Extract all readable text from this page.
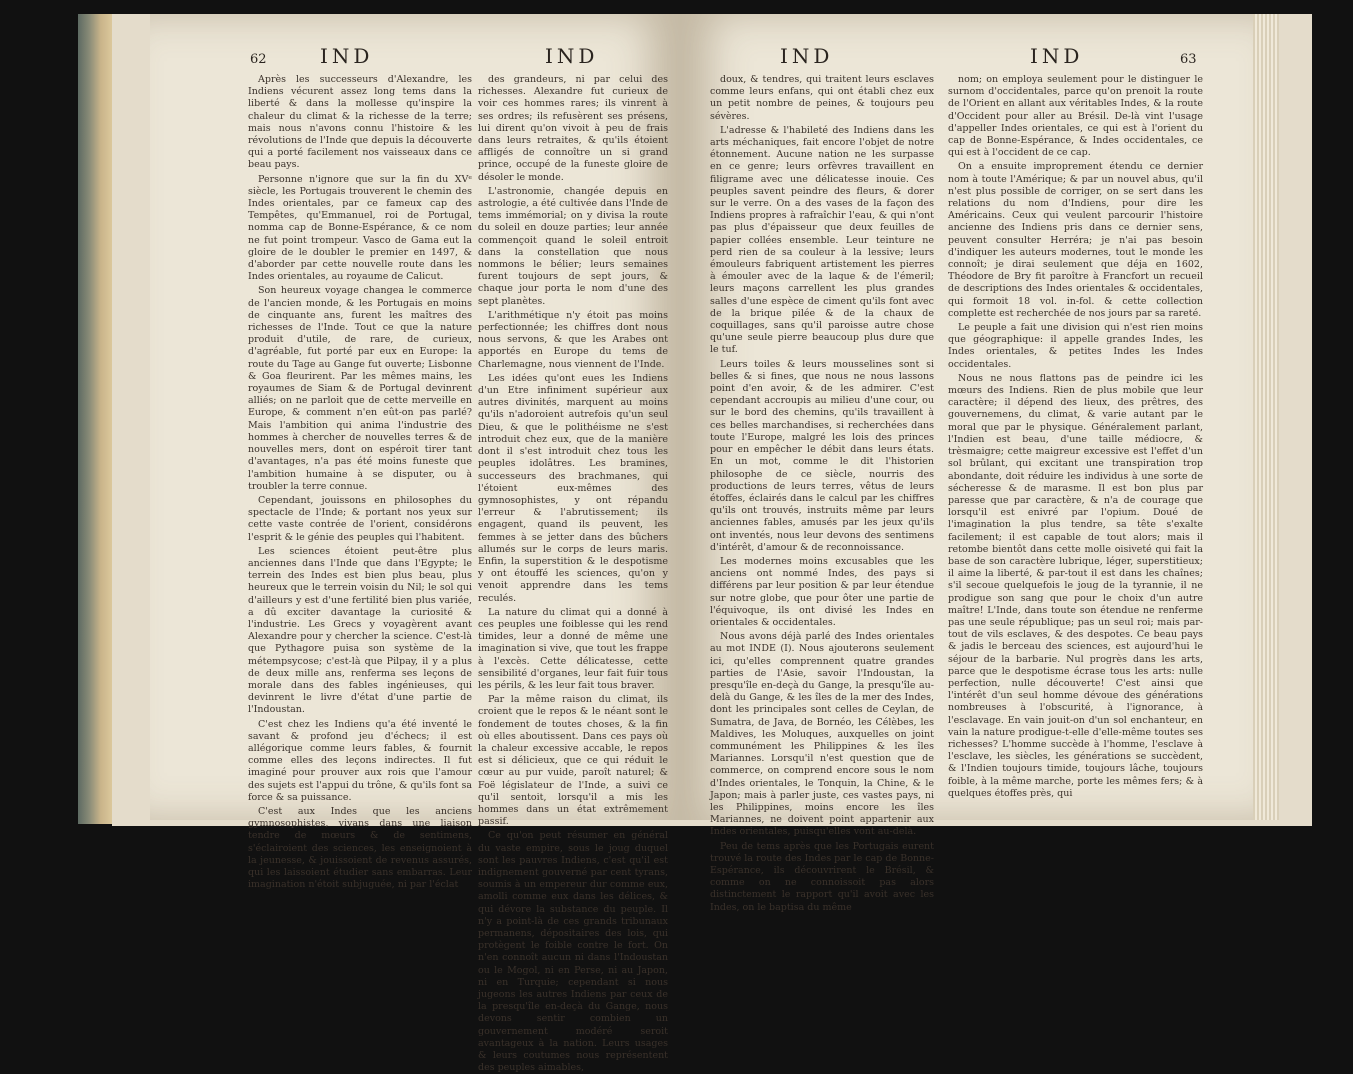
62	IND	IND

Après les successeurs d'Alexandre, les Indiens vécurent assez long tems dans la liberté & dans la mollesse qu'inspire la chaleur du climat & la richesse de la terre; mais nous n'avons connu l'histoire & les révolutions de l'Inde que depuis la découverte qui a porté facilement nos vaisseaux dans ce beau pays.

Personne n'ignore que sur la fin du XVᵉ siècle, les Portugais trouverent le chemin des Indes orientales, par ce fameux cap des Tempêtes, qu'Emmanuel, roi de Portugal, nomma cap de Bonne-Espérance, & ce nom ne fut point trompeur. Vasco de Gama eut la gloire de le doubler le premier en 1497, & d'aborder par cette nouvelle route dans les Indes orientales, au royaume de Calicut.

Son heureux voyage changea le commerce de l'ancien monde, & les Portugais en moins de cinquante ans, furent les maîtres des richesses de l'Inde. Tout ce que la nature produit d'utile, de rare, de curieux, d'agréable, fut porté par eux en Europe: la route du Tage au Gange fut ouverte; Lisbonne & Goa fleurirent. Par les mêmes mains, les royaumes de Siam & de Portugal devinrent alliés; on ne parloit que de cette merveille en Europe, & comment n'en eût-on pas parlé? Mais l'ambition qui anima l'industrie des hommes à chercher de nouvelles terres & de nouvelles mers, dont on espéroit tirer tant d'avantages, n'a pas été moins funeste que l'ambition humaine à se disputer, ou à troubler la terre connue.

Cependant, jouissons en philosophes du spectacle de l'Inde; & portant nos yeux sur cette vaste contrée de l'orient, considérons l'esprit & le génie des peuples qui l'habitent.

Les sciences étoient peut-être plus anciennes dans l'Inde que dans l'Egypte; le terrein des Indes est bien plus beau, plus heureux que le terrein voisin du Nil; le sol qui d'ailleurs y est d'une fertilité bien plus variée, a dû exciter davantage la curiosité & l'industrie. Les Grecs y voyagèrent avant Alexandre pour y chercher la science. C'est-là que Pythagore puisa son système de la métempsycose; c'est-là que Pilpay, il y a plus de deux mille ans, renferma ses leçons de morale dans des fables ingénieuses, qui devinrent le livre d'état d'une partie de l'Indoustan.

C'est chez les Indiens qu'a été inventé le savant & profond jeu d'échecs; il est allégorique comme leurs fables, & fournit comme elles des leçons indirectes. Il fut imaginé pour prouver aux rois que l'amour des sujets est l'appui du trône, & qu'ils font sa force & sa puissance.

C'est aux Indes que les anciens gymnosophistes, vivans dans une liaison tendre de mœurs & de sentimens, s'éclairoient des sciences, les enseignoient à la jeunesse, & jouissoient de revenus assurés, qui les laissoient étudier sans embarras. Leur imagination n'étoit subjuguée, ni par l'éclat

des grandeurs, ni par celui des richesses. Alexandre fut curieux de voir ces hommes rares; ils vinrent à ses ordres; ils refusèrent ses présens, lui dirent qu'on vivoit à peu de frais dans leurs retraites, & qu'ils étoient affligés de connoître un si grand prince, occupé de la funeste gloire de désoler le monde.

L'astronomie, changée depuis en astrologie, a été cultivée dans l'Inde de tems immémorial; on y divisa la route du soleil en douze parties; leur année commençoit quand le soleil entroit dans la constellation que nous nommons le bélier; leurs semaines furent toujours de sept jours, & chaque jour porta le nom d'une des sept planètes.

L'arithmétique n'y étoit pas moins perfectionnée; les chiffres dont nous nous servons, & que les Arabes ont apportés en Europe du tems de Charlemagne, nous viennent de l'Inde.

Les idées qu'ont eues les Indiens d'un Etre infiniment supérieur aux autres divinités, marquent au moins qu'ils n'adoroient autrefois qu'un seul Dieu, & que le polithéisme ne s'est introduit chez eux, que de la manière dont il s'est introduit chez tous les peuples idolâtres. Les bramines, successeurs des brachmanes, qui l'étoient eux-mêmes des gymnosophistes, y ont répandu l'erreur & l'abrutissement; ils engagent, quand ils peuvent, les femmes à se jetter dans des bûchers allumés sur le corps de leurs maris. Enfin, la superstition & le despotisme y ont étouffé les sciences, qu'on y venoit apprendre dans les tems reculés.

La nature du climat qui a donné à ces peuples une foiblesse qui les rend timides, leur a donné de même une imagination si vive, que tout les frappe à l'excès. Cette délicatesse, cette sensibilité d'organes, leur fait fuir tous les périls, & les leur fait tous braver.

Par la même raison du climat, ils croient que le repos & le néant sont le fondement de toutes choses, & la fin où elles aboutissent. Dans ces pays où la chaleur excessive accable, le repos est si délicieux, que ce qui réduit le cœur au pur vuide, paroît naturel; & Foë législateur de l'Inde, a suivi ce qu'il sentoit, lorsqu'il a mis les hommes dans un état extrêmement passif.

Ce qu'on peut résumer en général du vaste empire, sous le joug duquel sont les pauvres Indiens, c'est qu'il est indignement gouverné par cent tyrans, soumis à un empereur dur comme eux, amolli comme eux dans les délices, & qui dévore la substance du peuple. Il n'y a point-là de ces grands tribunaux permanens, dépositaires des lois, qui protègent le foible contre le fort. On n'en connoît aucun ni dans l'Indoustan ou le Mogol, ni en Perse, ni au Japon, ni en Turquie; cependant si nous jugeons les autres Indiens par ceux de la presqu'île en-deçà du Gange, nous devons sentir combien un gouvernement modéré seroit avantageux à la nation. Leurs usages & leurs coutumes nous représentent des peuples aimables,

IND	IND	63

doux, & tendres, qui traitent leurs esclaves comme leurs enfans, qui ont établi chez eux un petit nombre de peines, & toujours peu sévères.

L'adresse & l'habileté des Indiens dans les arts méchaniques, fait encore l'objet de notre étonnement. Aucune nation ne les surpasse en ce genre; leurs orfèvres travaillent en filigrame avec une délicatesse inouie. Ces peuples savent peindre des fleurs, & dorer sur le verre. On a des vases de la façon des Indiens propres à rafraîchir l'eau, & qui n'ont pas plus d'épaisseur que deux feuilles de papier collées ensemble. Leur teinture ne perd rien de sa couleur à la lessive; leurs émouleurs fabriquent artistement les pierres à émouler avec de la laque & de l'émeril; leurs maçons carrellent les plus grandes salles d'une espèce de ciment qu'ils font avec de la brique pilée & de la chaux de coquillages, sans qu'il paroisse autre chose qu'une seule pierre beaucoup plus dure que le tuf.

Leurs toiles & leurs mousselines sont si belles & si fines, que nous ne nous lassons point d'en avoir, & de les admirer. C'est cependant accroupis au milieu d'une cour, ou sur le bord des chemins, qu'ils travaillent à ces belles marchandises, si recherchées dans toute l'Europe, malgré les lois des princes pour en empêcher le débit dans leurs états. En un mot, comme le dit l'historien philosophe de ce siècle, nourris des productions de leurs terres, vêtus de leurs étoffes, éclairés dans le calcul par les chiffres qu'ils ont trouvés, instruits même par leurs anciennes fables, amusés par les jeux qu'ils ont inventés, nous leur devons des sentimens d'intérêt, d'amour & de reconnoissance.

Les modernes moins excusables que les anciens ont nommé Indes, des pays si différens par leur position & par leur étendue sur notre globe, que pour ôter une partie de l'équivoque, ils ont divisé les Indes en orientales & occidentales.

Nous avons déjà parlé des Indes orientales au mot INDE (I). Nous ajouterons seulement ici, qu'elles comprennent quatre grandes parties de l'Asie, savoir l'Indoustan, la presqu'île en-deçà du Gange, la presqu'île au-delà du Gange, & les îles de la mer des Indes, dont les principales sont celles de Ceylan, de Sumatra, de Java, de Bornéo, les Célèbes, les Maldives, les Moluques, auxquelles on joint communément les Philippines & les îles Mariannes. Lorsqu'il n'est question que de commerce, on comprend encore sous le nom d'Indes orientales, le Tonquin, la Chine, & le Japon; mais à parler juste, ces vastes pays, ni les Philippines, moins encore les îles Mariannes, ne doivent point appartenir aux Indes orientales, puisqu'elles vont au-delà.

Peu de tems après que les Portugais eurent trouvé la route des Indes par le cap de Bonne-Espérance, ils découvrirent le Brésil, & comme on ne connoissoit pas alors distinctement le rapport qu'il avoit avec les Indes, on le baptisa du même

nom; on employa seulement pour le distinguer le surnom d'occidentales, parce qu'on prenoit la route de l'Orient en allant aux véritables Indes, & la route d'Occident pour aller au Brésil. De-là vint l'usage d'appeller Indes orientales, ce qui est à l'orient du cap de Bonne-Espérance, & Indes occidentales, ce qui est à l'occident de ce cap.

On a ensuite improprement étendu ce dernier nom à toute l'Amérique; & par un nouvel abus, qu'il n'est plus possible de corriger, on se sert dans les relations du nom d'Indiens, pour dire les Américains. Ceux qui veulent parcourir l'histoire ancienne des Indiens pris dans ce dernier sens, peuvent consulter Herréra; je n'ai pas besoin d'indiquer les auteurs modernes, tout le monde les connoît; je dirai seulement que déja en 1602, Théodore de Bry fit paroître à Francfort un recueil de descriptions des Indes orientales & occidentales, qui formoit 18 vol. in-fol. & cette collection complette est recherchée de nos jours par sa rareté.

Le peuple a fait une division qui n'est rien moins que géographique: il appelle grandes Indes, les Indes orientales, & petites Indes les Indes occidentales.

Nous ne nous flattons pas de peindre ici les mœurs des Indiens. Rien de plus mobile que leur caractère; il dépend des lieux, des prêtres, des gouvernemens, du climat, & varie autant par le moral que par le physique. Généralement parlant, l'Indien est beau, d'une taille médiocre, & trèsmaigre; cette maigreur excessive est l'effet d'un sol brûlant, qui excitant une transpiration trop abondante, doit réduire les individus à une sorte de sécheresse & de marasme. Il est bon plus par paresse que par caractère, & n'a de courage que lorsqu'il est enivré par l'opium. Doué de l'imagination la plus tendre, sa tête s'exalte facilement; il est capable de tout alors; mais il retombe bientôt dans cette molle oisiveté qui fait la base de son caractère lubrique, léger, superstitieux; il aime la liberté, & par-tout il est dans les chaînes; s'il secoue quelquefois le joug de la tyrannie, il ne prodigue son sang que pour le choix d'un autre maître! L'Inde, dans toute son étendue ne renferme pas une seule république; pas un seul roi; mais par-tout de vils esclaves, & des despotes. Ce beau pays & jadis le berceau des sciences, est aujourd'hui le séjour de la barbarie. Nul progrès dans les arts, parce que le despotisme écrase tous les arts: nulle perfection, nulle découverte! C'est ainsi que l'intérêt d'un seul homme dévoue des générations nombreuses à l'obscurité, à l'ignorance, à l'esclavage. En vain jouit-on d'un sol enchanteur, en vain la nature prodigue-t-elle d'elle-même toutes ses richesses? L'homme succède à l'homme, l'esclave à l'esclave, les siècles, les générations se succèdent, & l'Indien toujours timide, toujours lâche, toujours foible, à la même marche, porte les mêmes fers; & à quelques étoffes près, qui
